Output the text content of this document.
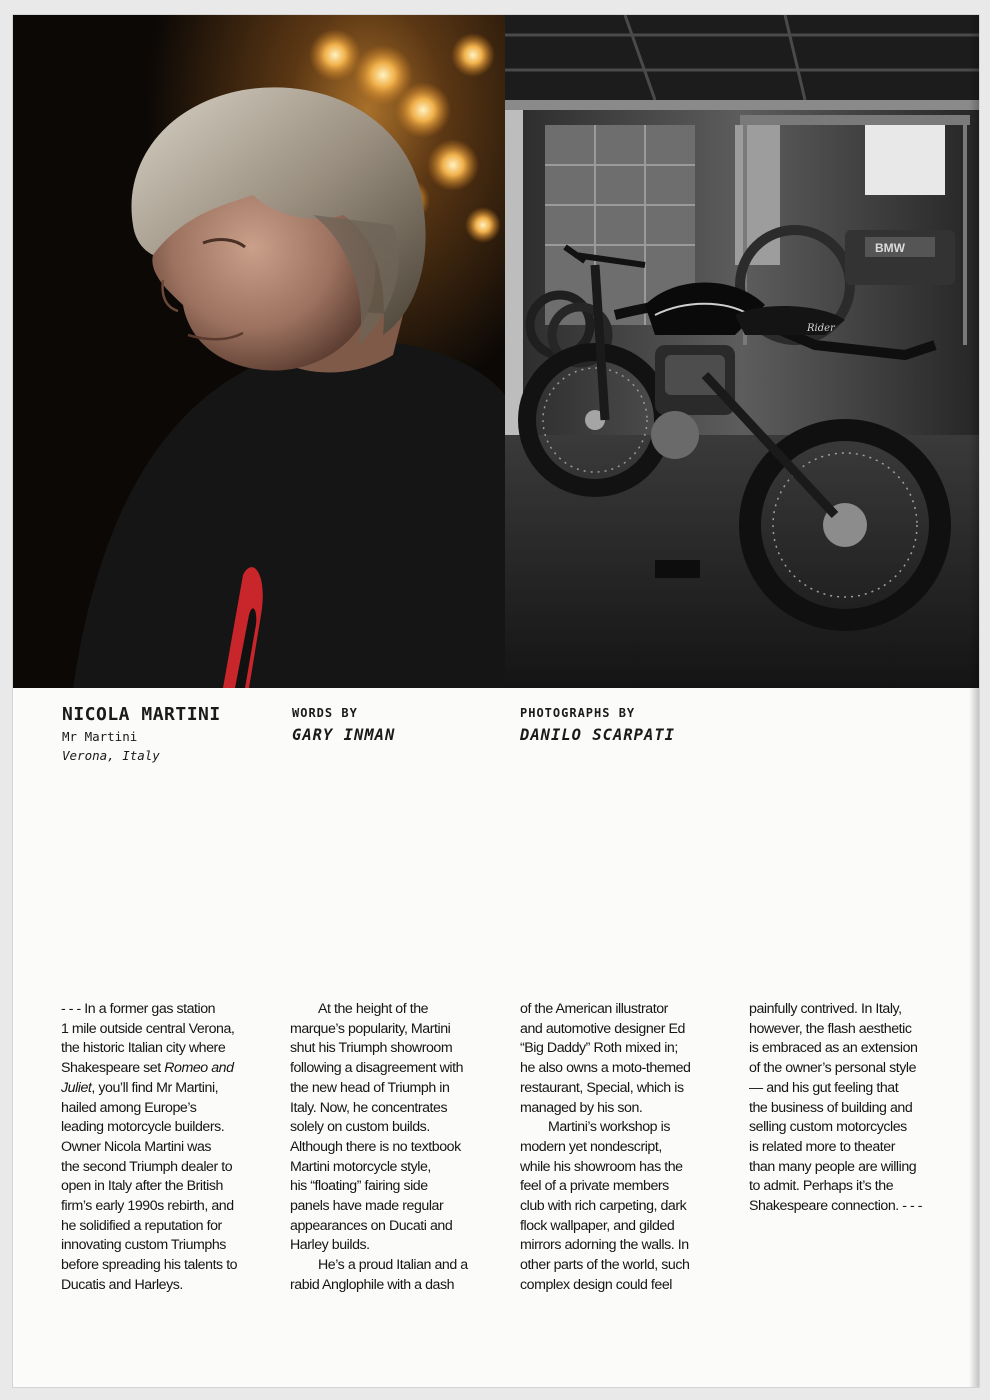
BMW
Rider
NICOLA MARTINI
Mr Martini
Verona, Italy
WORDS BY
GARY INMAN
PHOTOGRAPHS BY
DANILO SCARPATI
- - - In a former gas station
1 mile outside central Verona,
the historic Italian city where
Shakespeare set Romeo and
Juliet, you’ll find Mr Martini,
hailed among Europe’s
leading motorcycle builders.
Owner Nicola Martini was
the second Triumph dealer to
open in Italy after the British
firm’s early 1990s rebirth, and
he solidified a reputation for
innovating custom Triumphs
before spreading his talents to
Ducatis and Harleys.
At the height of the
marque’s popularity, Martini
shut his Triumph showroom
following a disagreement with
the new head of Triumph in
Italy. Now, he concentrates
solely on custom builds.
Although there is no textbook
Martini motorcycle style,
his “floating” fairing side
panels have made regular
appearances on Ducati and
Harley builds.
He’s a proud Italian and a
rabid Anglophile with a dash
of the American illustrator
and automotive designer Ed
“Big Daddy” Roth mixed in;
he also owns a moto-themed
restaurant, Special, which is
managed by his son.
Martini’s workshop is
modern yet nondescript,
while his showroom has the
feel of a private members
club with rich carpeting, dark
flock wallpaper, and gilded
mirrors adorning the walls. In
other parts of the world, such
complex design could feel
painfully contrived. In Italy,
however, the flash aesthetic
is embraced as an extension
of the owner’s personal style
— and his gut feeling that
the business of building and
selling custom motorcycles
is related more to theater
than many people are willing
to admit. Perhaps it’s the
Shakespeare connection. - - -
